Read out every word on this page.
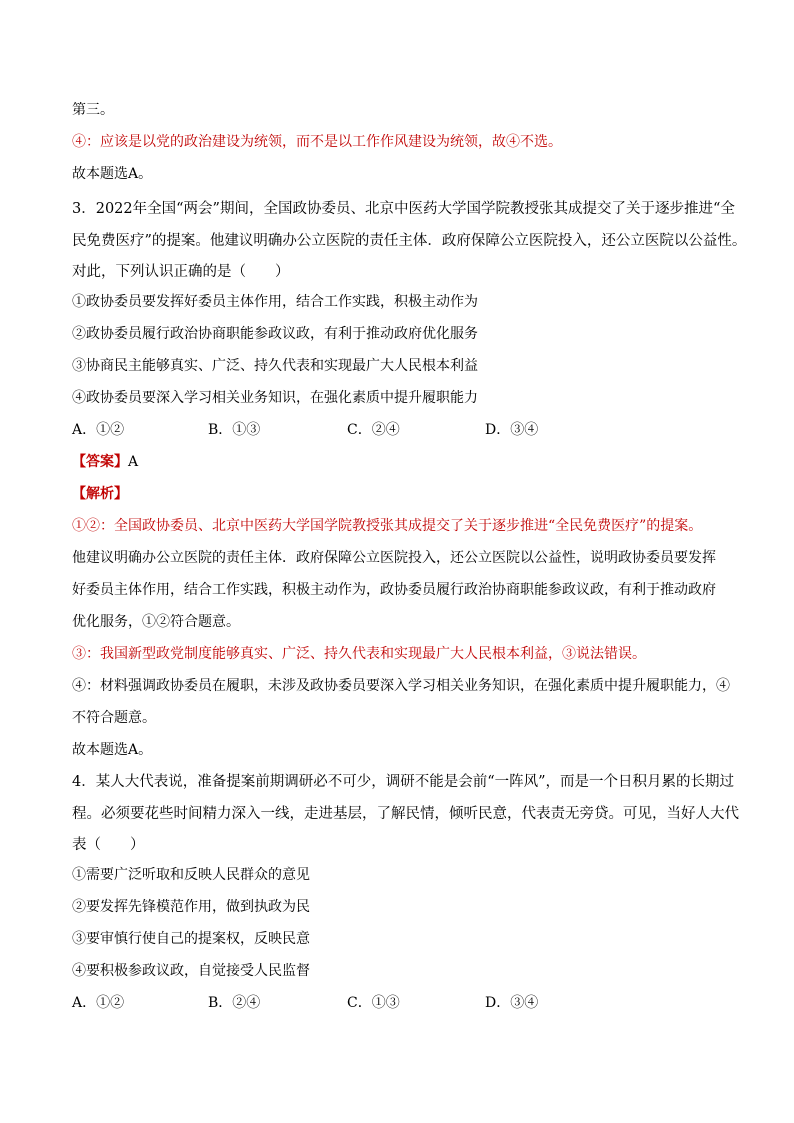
第三。
④：应该是以党的政治建设为统领，而不是以工作作风建设为统领，故④不选。
故本题选A。
3．2022年全国“两会”期间，全国政协委员、北京中医药大学国学院教授张其成提交了关于逐步推进“全
民免费医疗”的提案。他建议明确办公立医院的责任主体．政府保障公立医院投入，还公立医院以公益性。
对此，下列认识正确的是（　　）
①政协委员要发挥好委员主体作用，结合工作实践，积极主动作为
②政协委员履行政治协商职能参政议政，有利于推动政府优化服务
③协商民主能够真实、广泛、持久代表和实现最广大人民根本利益
④政协委员要深入学习相关业务知识，在强化素质中提升履职能力
A．①②	B．①③	C．②④	D．③④
【答案】A
【解析】
①②：全国政协委员、北京中医药大学国学院教授张其成提交了关于逐步推进“全民免费医疗”的提案。
他建议明确办公立医院的责任主体．政府保障公立医院投入，还公立医院以公益性，说明政协委员要发挥
好委员主体作用，结合工作实践，积极主动作为，政协委员履行政治协商职能参政议政，有利于推动政府
优化服务，①②符合题意。
③：我国新型政党制度能够真实、广泛、持久代表和实现最广大人民根本利益，③说法错误。
④：材料强调政协委员在履职，未涉及政协委员要深入学习相关业务知识，在强化素质中提升履职能力，④
不符合题意。
故本题选A。
4．某人大代表说，准备提案前期调研必不可少，调研不能是会前“一阵风”，而是一个日积月累的长期过
程。必须要花些时间精力深入一线，走进基层，了解民情，倾听民意，代表责无旁贷。可见，当好人大代
表（　　）
①需要广泛听取和反映人民群众的意见
②要发挥先锋模范作用，做到执政为民
③要审慎行使自己的提案权，反映民意
④要积极参政议政，自觉接受人民监督
A．①②	B．②④	C．①③	D．③④
